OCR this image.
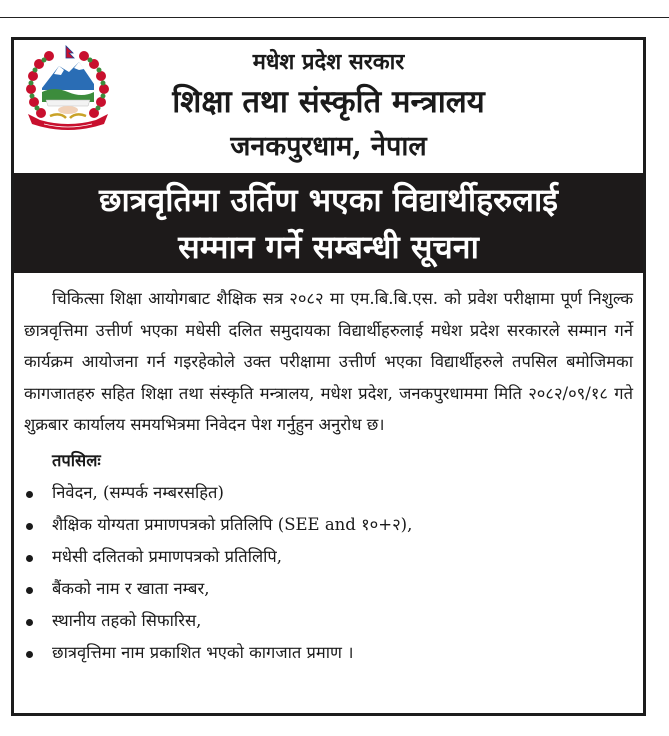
मधेश प्रदेश सरकार
शिक्षा तथा संस्कृति मन्त्रालय
जनकपुरधाम, नेपाल
छात्रवृतिमा उर्तिण भएका विद्यार्थीहरुलाई
सम्मान गर्ने सम्बन्धी सूचना

चिकित्सा शिक्षा आयोगबाट शैक्षिक सत्र २०८२ मा एम.बि.बि.एस. को प्रवेश परीक्षामा पूर्ण निशुल्क छात्रवृत्तिमा उत्तीर्ण भएका मधेसी दलित समुदायका विद्यार्थीहरुलाई मधेश प्रदेश सरकारले सम्मान गर्ने कार्यक्रम आयोजना गर्न गइरहेकोले उक्त परीक्षामा उत्तीर्ण भएका विद्यार्थीहरुले तपसिल बमोजिमका कागजातहरु सहित शिक्षा तथा संस्कृति मन्त्रालय, मधेश प्रदेश, जनकपुरधाममा मिति २०८२/०९/१८ गते शुक्रबार कार्यालय समयभित्रमा निवेदन पेश गर्नुहुन अनुरोध छ।

तपसिलः
निवेदन, (सम्पर्क नम्बरसहित)
शैक्षिक योग्यता प्रमाणपत्रको प्रतिलिपि (SEE and १०+२),
मधेसी दलितको प्रमाणपत्रको प्रतिलिपि,
बैंकको नाम र खाता नम्बर,
स्थानीय तहको सिफारिस,
छात्रवृत्तिमा नाम प्रकाशित भएको कागजात प्रमाण ।
